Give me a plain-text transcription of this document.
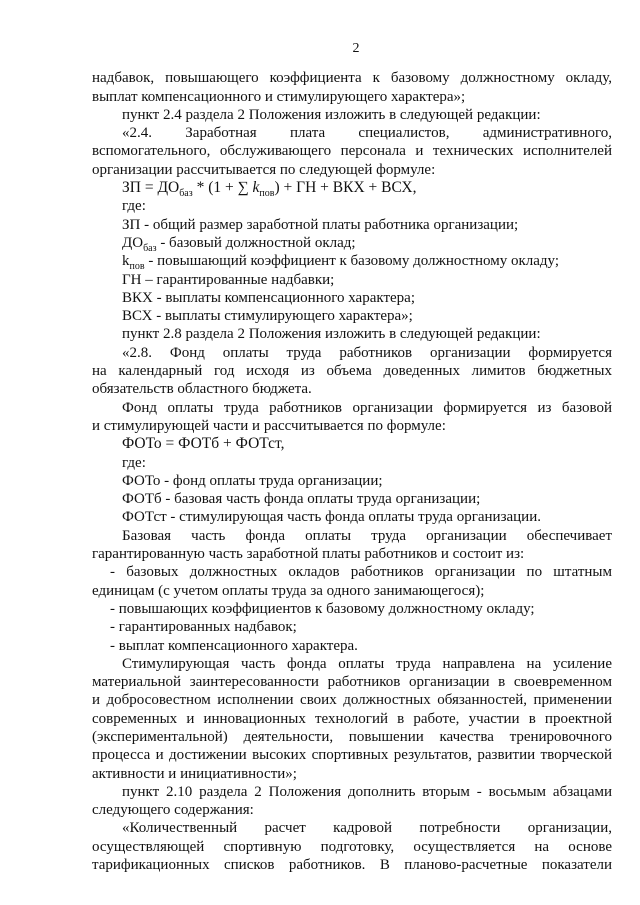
2

надбавок, повышающего коэффициента к базовому должностному окладу,

выплат компенсационного и стимулирующего характера»;

пункт 2.4 раздела 2 Положения изложить в следующей редакции:

«2.4. Заработная плата специалистов, административного,

вспомогательного, обслуживающего персонала и технических исполнителей

организации рассчитывается по следующей формуле:

ЗП = $ДО_{баз} * (1$ + ∑ $k_{пов}$) + ГН + ВКХ + ВСХ,

где:

ЗП - общий размер заработной платы работника организации;

$ДО_{баз}$ - базовый должностной оклад;

$k_{пов}$ - повышающий коэффициент к базовому должностному окладу;

ГН – гарантированные надбавки;

ВКХ - выплаты компенсационного характера;

ВСХ - выплаты стимулирующего характера»;

пункт 2.8 раздела 2 Положения изложить в следующей редакции:

«2.8. Фонд оплаты труда работников организации формируется

на календарный год исходя из объема доведенных лимитов бюджетных

обязательств областного бюджета.

Фонд оплаты труда работников организации формируется из базовой

и стимулирующей части и рассчитывается по формуле:

ФОТо = ФОТб + ФОТст,

где:

ФОТо - фонд оплаты труда организации;

ФОТб - базовая часть фонда оплаты труда организации;

ФОТст - стимулирующая часть фонда оплаты труда организации.

Базовая часть фонда оплаты труда организации обеспечивает

гарантированную часть заработной платы работников и состоит из:

- базовых должностных окладов работников организации по штатным

единицам (с учетом оплаты труда за одного занимающегося);

- повышающих коэффициентов к базовому должностному окладу;

- гарантированных надбавок;

- выплат компенсационного характера.

Стимулирующая часть фонда оплаты труда направлена на усиление

материальной заинтересованности работников организации в своевременном

и добросовестном исполнении своих должностных обязанностей, применении

современных и инновационных технологий в работе, участии в проектной

(экспериментальной) деятельности, повышении качества тренировочного

процесса и достижении высоких спортивных результатов, развитии творческой

активности и инициативности»;

пункт 2.10 раздела 2 Положения дополнить вторым - восьмым абзацами

следующего содержания:

«Количественный расчет кадровой потребности организации,

осуществляющей спортивную подготовку, осуществляется на основе

тарификационных списков работников. В планово-расчетные показатели
